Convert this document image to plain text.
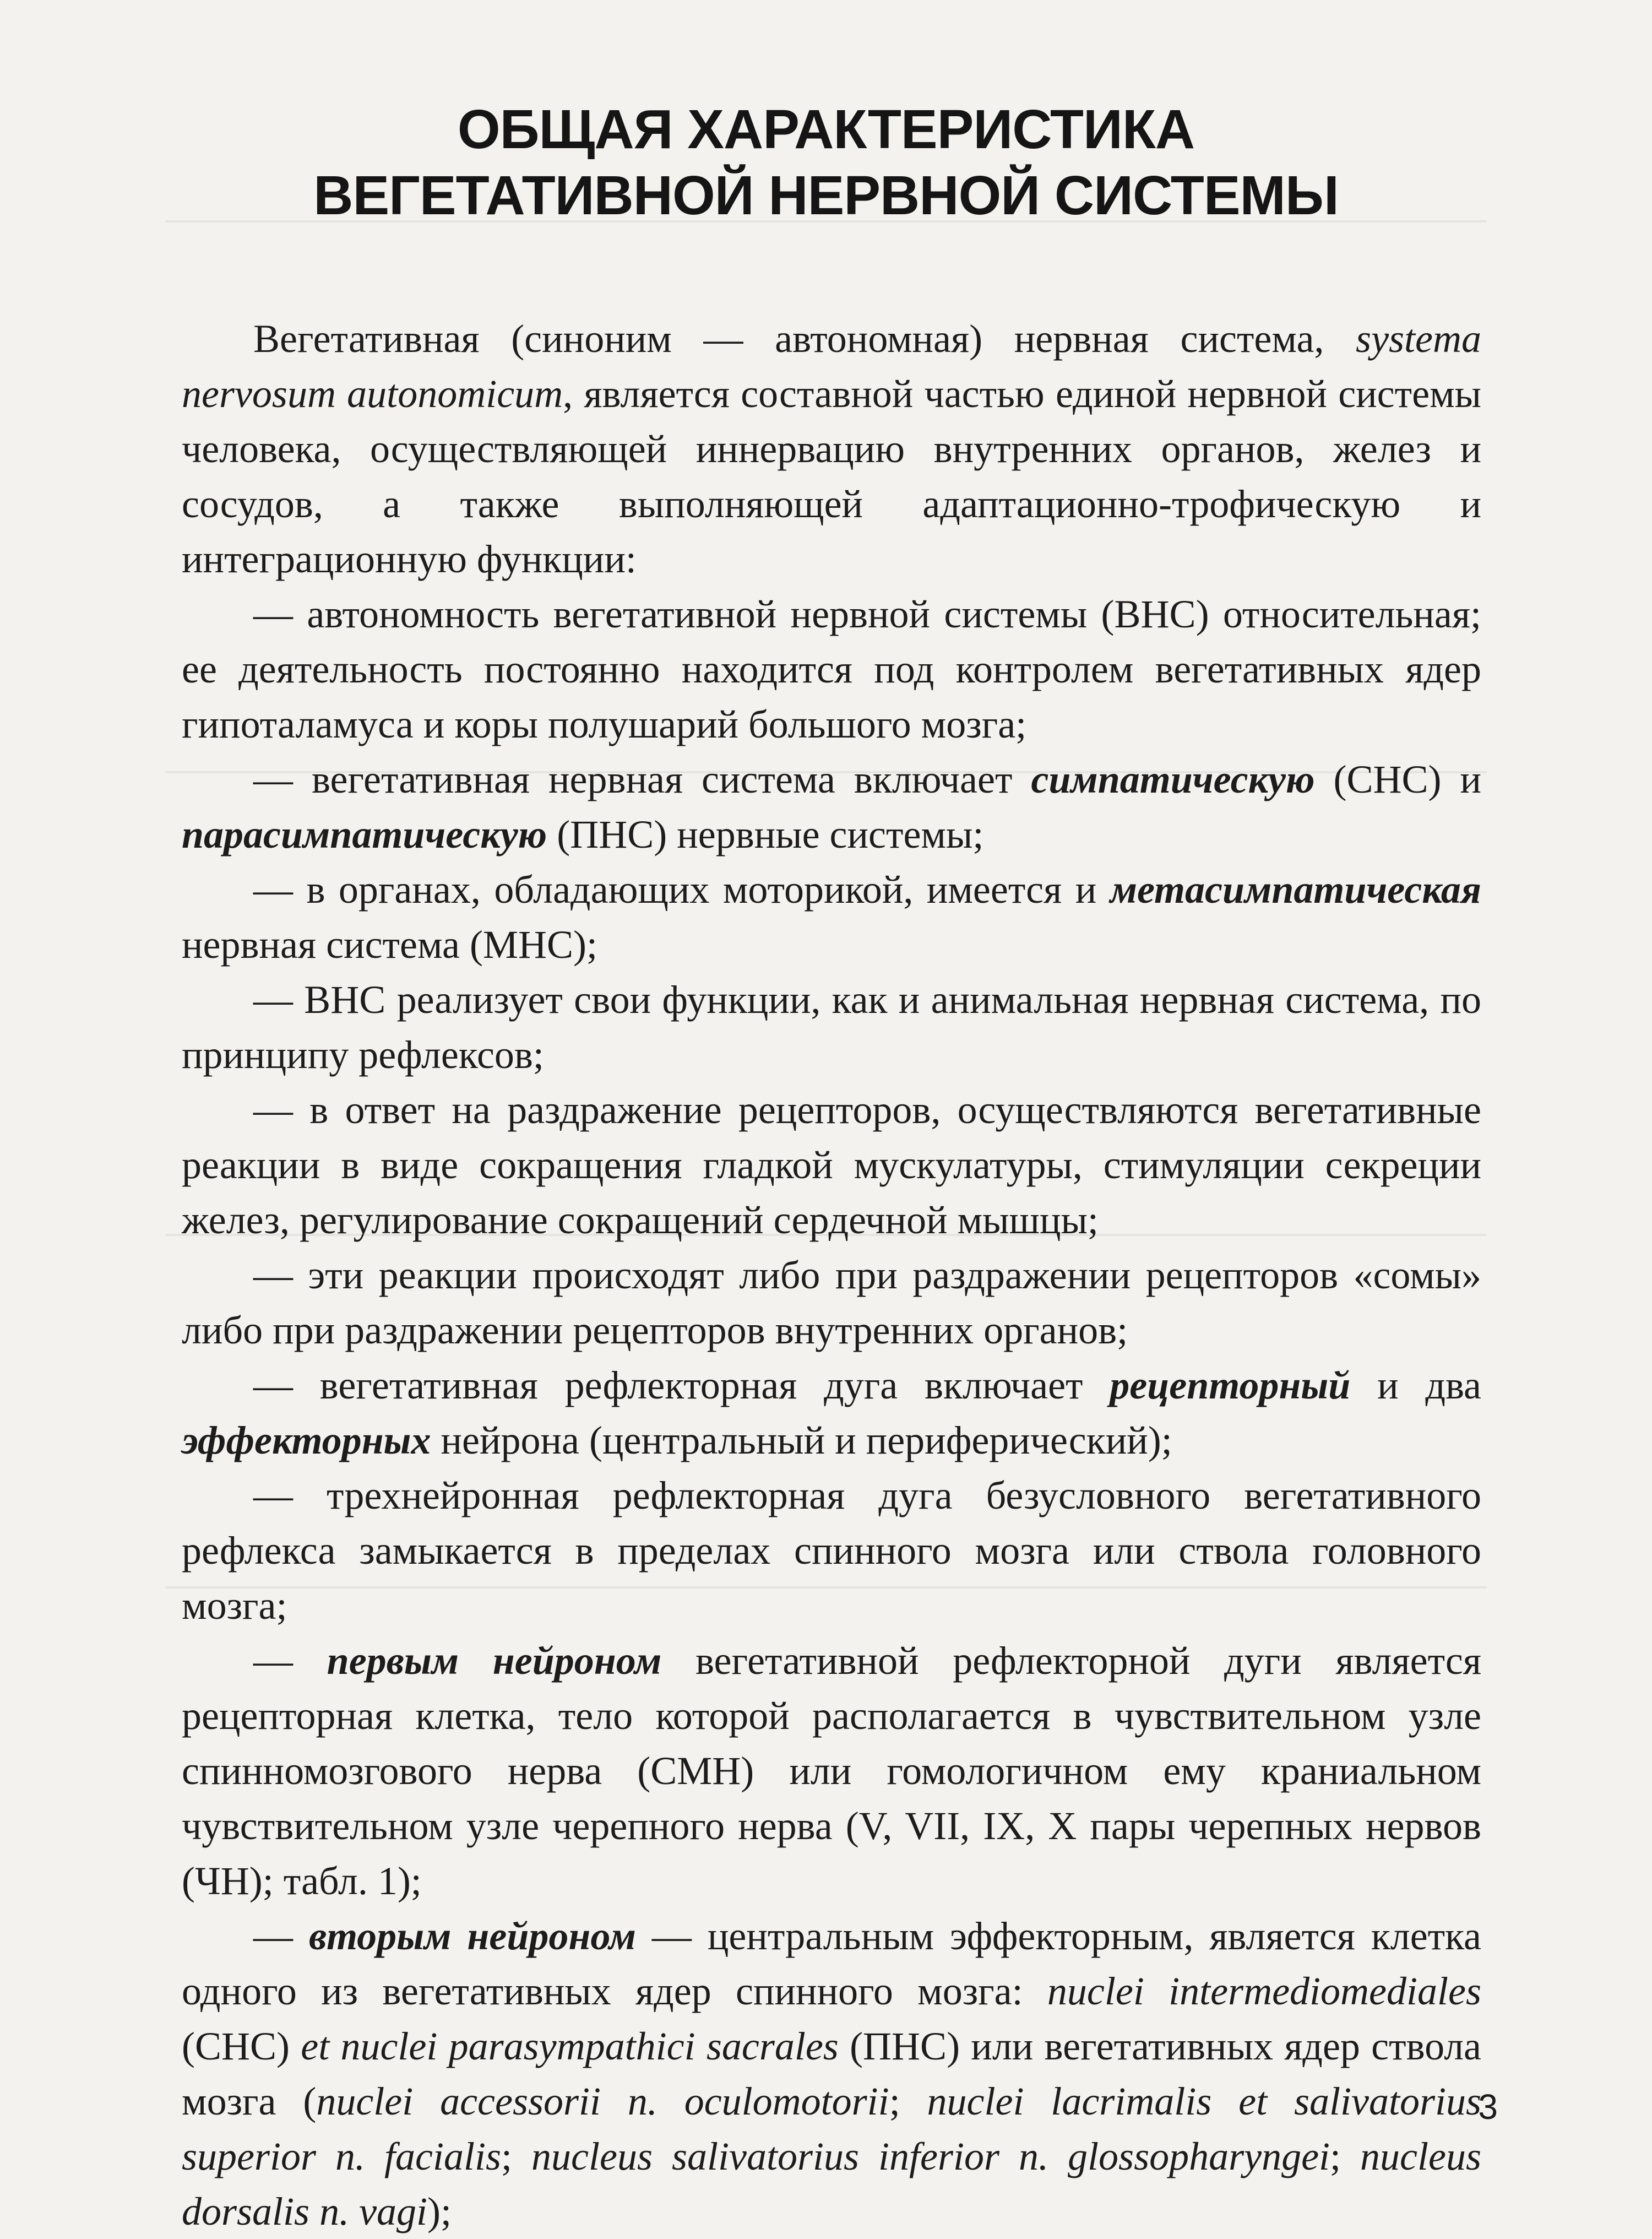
ОБЩАЯ ХАРАКТЕРИСТИКА
ВЕГЕТАТИВНОЙ НЕРВНОЙ СИСТЕМЫ

Вегетативная (синоним — автономная) нервная система, systema nervosum autonomicum, является составной частью единой нервной системы человека, осуществляющей иннервацию внутренних органов, желез и сосудов, а также выполняющей адаптационно-трофическую и интеграционную функции:

— автономность вегетативной нервной системы (ВНС) относительная; ее деятельность постоянно находится под контролем вегетативных ядер гипоталамуса и коры полушарий большого мозга;

— вегетативная нервная система включает симпатическую (СНС) и парасимпатическую (ПНС) нервные системы;

— в органах, обладающих моторикой, имеется и метасимпатическая нервная система (МНС);

— ВНС реализует свои функции, как и анимальная нервная система, по принципу рефлексов;

— в ответ на раздражение рецепторов, осуществляются вегетативные реакции в виде сокращения гладкой мускулатуры, стимуляции секреции желез, регулирование сокращений сердечной мышцы;

— эти реакции происходят либо при раздражении рецепторов «сомы» либо при раздражении рецепторов внутренних органов;

— вегетативная рефлекторная дуга включает рецепторный и два эффекторных нейрона (центральный и периферический);

— трехнейронная рефлекторная дуга безусловного вегетативного рефлекса замыкается в пределах спинного мозга или ствола головного мозга;

— первым нейроном вегетативной рефлекторной дуги является рецепторная клетка, тело которой располагается в чувствительном узле спинномозгового нерва (СМН) или гомологичном ему краниальном чувствительном узле черепного нерва (V, VII, IX, X пары черепных нервов (ЧН); табл. 1);

— вторым нейроном — центральным эффекторным, является клетка одного из вегетативных ядер спинного мозга: nuclei intermediomediales (СНС) et nuclei parasympathici sacrales (ПНС) или вегетативных ядер ствола мозга (nuclei accessorii n. oculomotorii; nuclei lacrimalis et salivatorius superior n. facialis; nucleus salivatorius inferior n. glossopharyngei; nucleus dorsalis n. vagi);

3
